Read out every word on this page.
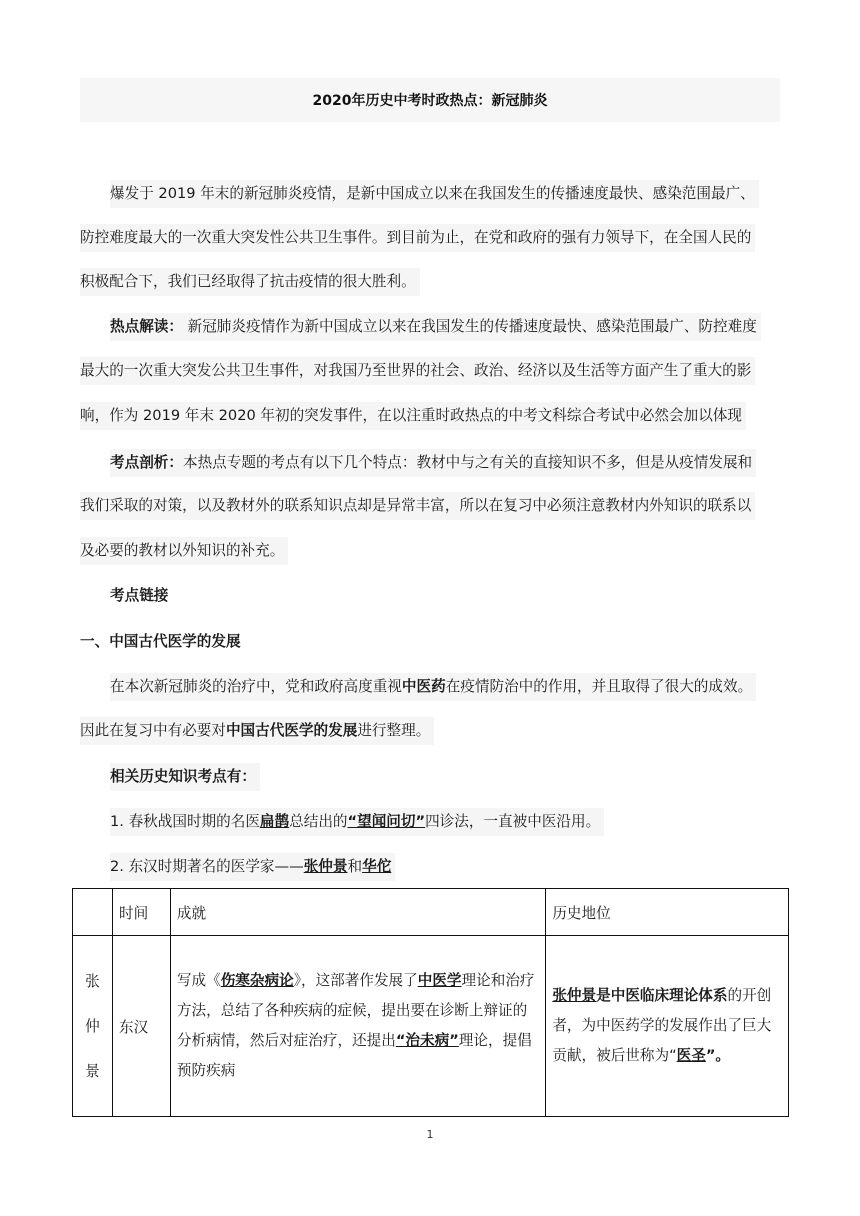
2020年历史中考时政热点：新冠肺炎
爆发于 2019 年末的新冠肺炎疫情，是新中国成立以来在我国发生的传播速度最快、感染范围最广、
防控难度最大的一次重大突发性公共卫生事件。到目前为止，在党和政府的强有力领导下，在全国人民的
积极配合下，我们已经取得了抗击疫情的很大胜利。
热点解读： 新冠肺炎疫情作为新中国成立以来在我国发生的传播速度最快、感染范围最广、防控难度
最大的一次重大突发公共卫生事件，对我国乃至世界的社会、政治、经济以及生活等方面产生了重大的影
响，作为 2019 年末 2020 年初的突发事件，在以注重时政热点的中考文科综合考试中必然会加以体现
考点剖析：本热点专题的考点有以下几个特点：教材中与之有关的直接知识不多，但是从疫情发展和
我们采取的对策，以及教材外的联系知识点却是异常丰富，所以在复习中必须注意教材内外知识的联系以
及必要的教材以外知识的补充。
考点链接
一、中国古代医学的发展
在本次新冠肺炎的治疗中，党和政府高度重视中医药在疫情防治中的作用，并且取得了很大的成效。
因此在复习中有必要对中国古代医学的发展进行整理。
相关历史知识考点有：
1. 春秋战国时期的名医扁鹊总结出的“望闻问切”四诊法，一直被中医沿用。
2. 东汉时期著名的医学家——张仲景和华佗
	时间	成就	历史地位

张
仲
景	东汉	写成《伤寒杂病论》，这部著作发展了中医学理论和治疗方法，总结了各种疾病的症候，提出要在诊断上辩证的分析病情，然后对症治疗，还提出“治未病”理论，提倡预防疾病	张仲景是中医临床理论体系的开创者，为中医药学的发展作出了巨大贡献，被后世称为“医圣”。
1
